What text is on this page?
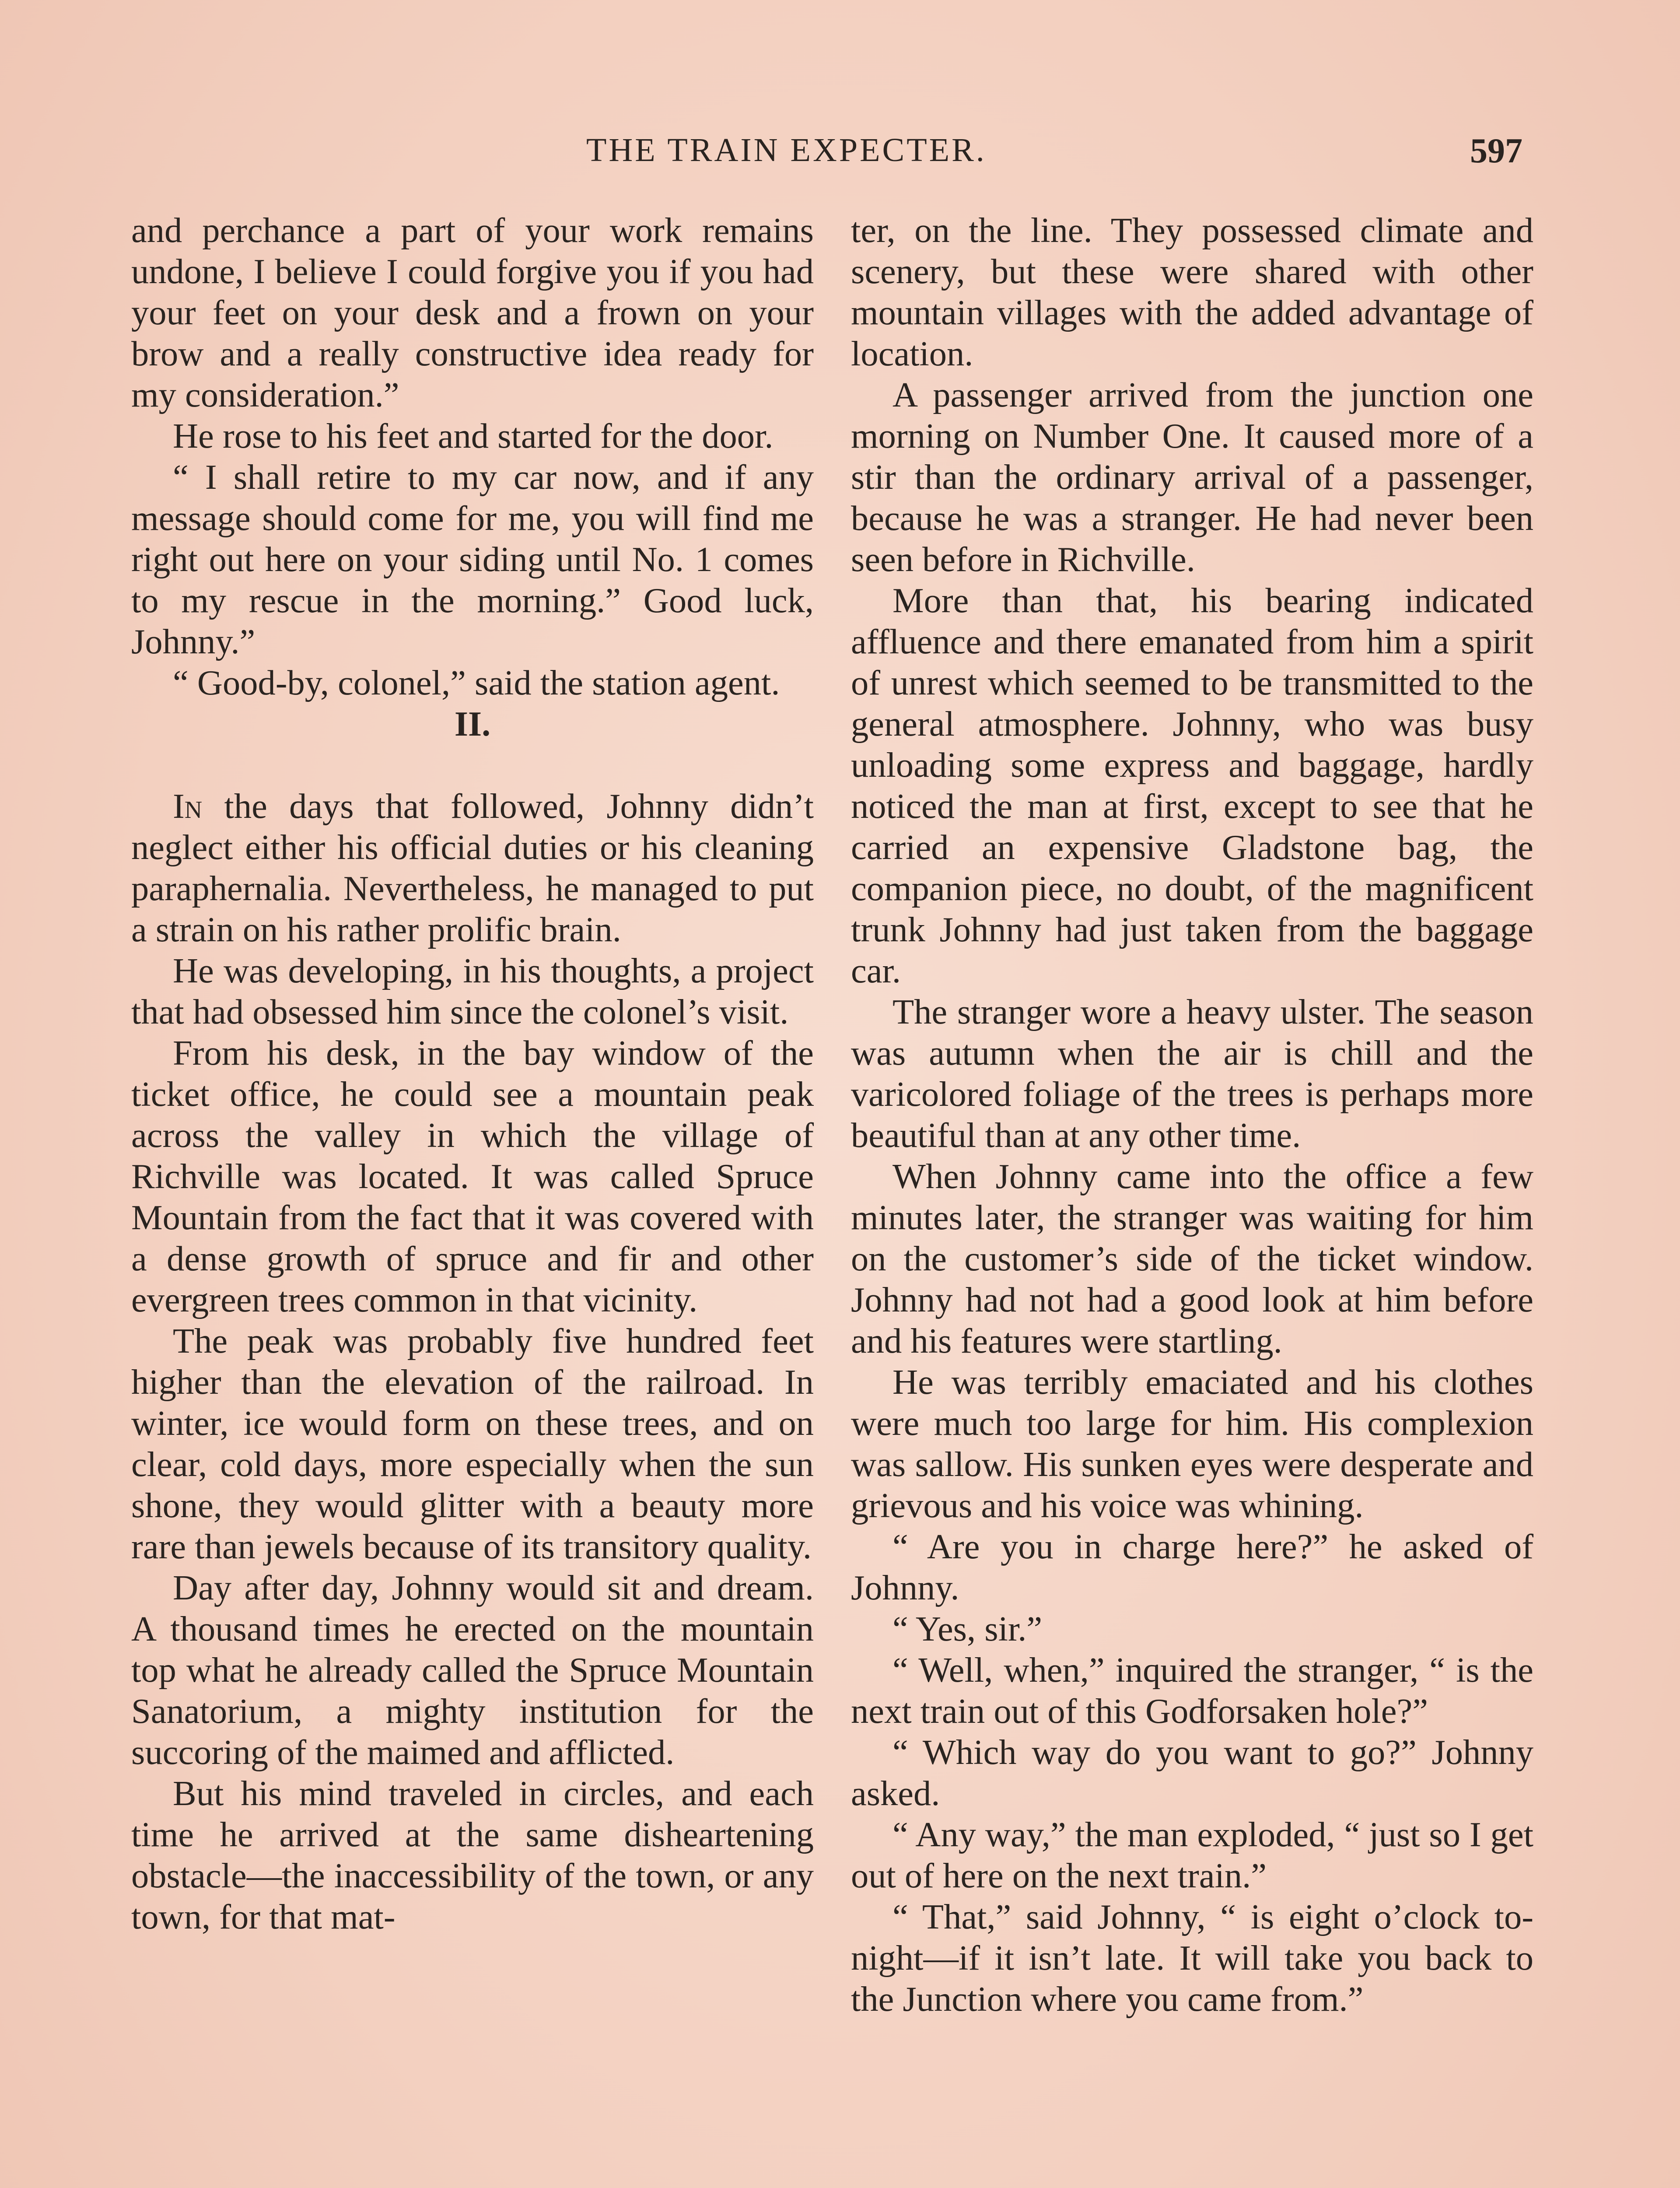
THE TRAIN EXPECTER.	597

and perchance a part of your work remains undone, I believe I could forgive you if you had your feet on your desk and a frown on your brow and a really constructive idea ready for my consideration.”

He rose to his feet and started for the door.

“ I shall retire to my car now, and if any message should come for me, you will find me right out here on your siding until No. 1 comes to my rescue in the morning.” Good luck, Johnny.”

“ Good-by, colonel,” said the station agent.

II.

In the days that followed, Johnny didn’t neglect either his official duties or his cleaning paraphernalia. Nevertheless, he managed to put a strain on his rather prolific brain.

He was developing, in his thoughts, a project that had obsessed him since the colonel’s visit.

From his desk, in the bay window of the ticket office, he could see a mountain peak across the valley in which the village of Richville was located. It was called Spruce Mountain from the fact that it was covered with a dense growth of spruce and fir and other evergreen trees common in that vicinity.

The peak was probably five hundred feet higher than the elevation of the railroad. In winter, ice would form on these trees, and on clear, cold days, more especially when the sun shone, they would glitter with a beauty more rare than jewels because of its transitory quality.

Day after day, Johnny would sit and dream. A thousand times he erected on the mountain top what he already called the Spruce Mountain Sanatorium, a mighty institution for the succoring of the maimed and afflicted.

But his mind traveled in circles, and each time he arrived at the same disheartening obstacle—the inaccessibility of the town, or any town, for that mat-

ter, on the line. They possessed climate and scenery, but these were shared with other mountain villages with the added advantage of location.

A passenger arrived from the junction one morning on Number One. It caused more of a stir than the ordinary arrival of a passenger, because he was a stranger. He had never been seen before in Richville.

More than that, his bearing indicated affluence and there emanated from him a spirit of unrest which seemed to be transmitted to the general atmosphere. Johnny, who was busy unloading some express and baggage, hardly noticed the man at first, except to see that he carried an expensive Gladstone bag, the companion piece, no doubt, of the magnificent trunk Johnny had just taken from the baggage car.

The stranger wore a heavy ulster. The season was autumn when the air is chill and the varicolored foliage of the trees is perhaps more beautiful than at any other time.

When Johnny came into the office a few minutes later, the stranger was waiting for him on the customer’s side of the ticket window. Johnny had not had a good look at him before and his features were startling.

He was terribly emaciated and his clothes were much too large for him. His complexion was sallow. His sunken eyes were desperate and grievous and his voice was whining.

“ Are you in charge here?” he asked of Johnny.

“ Yes, sir.”

“ Well, when,” inquired the stranger, “ is the next train out of this Godforsaken hole?”

“ Which way do you want to go?” Johnny asked.

“ Any way,” the man exploded, “ just so I get out of here on the next train.”

“ That,” said Johnny, “ is eight o’clock to-night—if it isn’t late. It will take you back to the Junction where you came from.”
